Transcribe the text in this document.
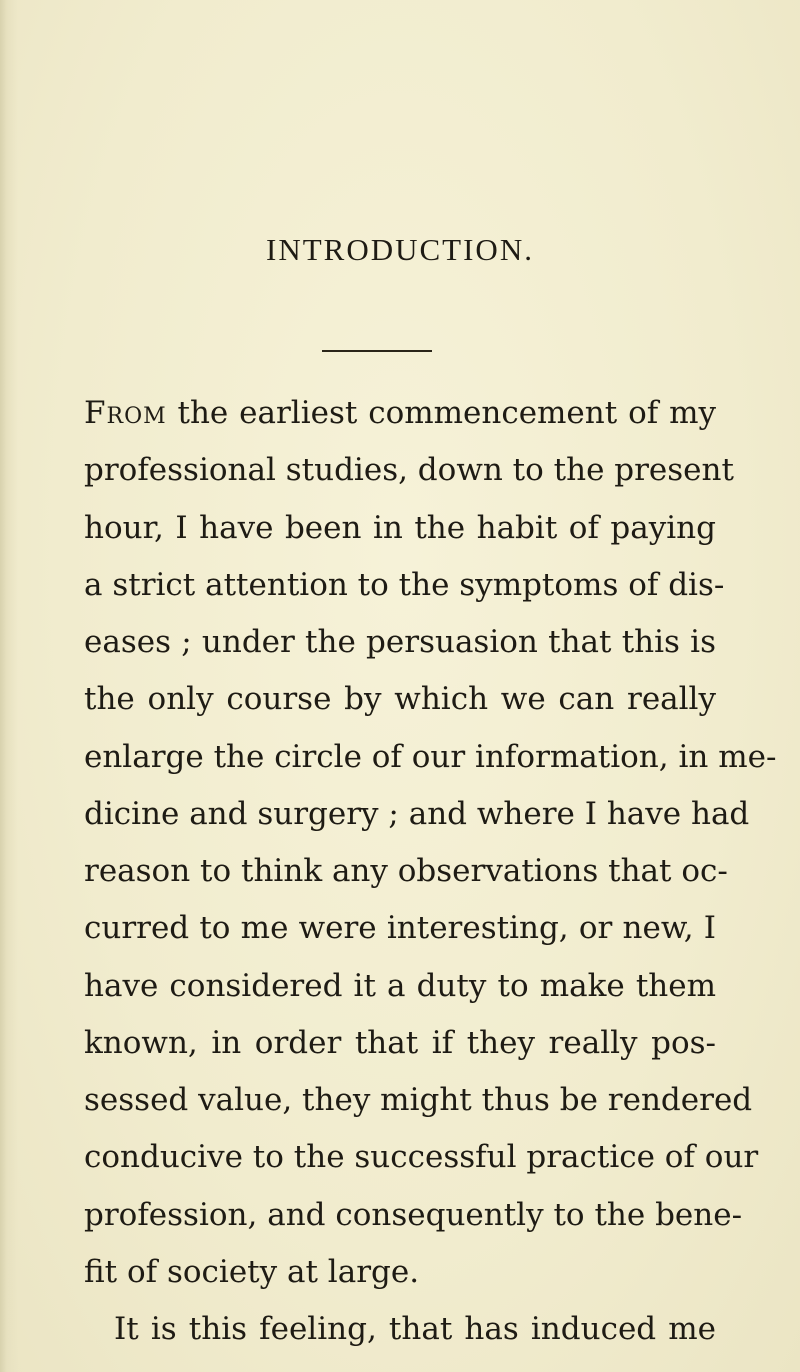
INTRODUCTION.
From the earliest commencement of my
professional studies, down to the present
hour, I have been in the habit of paying
a strict attention to the symptoms of dis-
eases ; under the persuasion that this is
the only course by which we can really
enlarge the circle of our information, in me-
dicine and surgery ; and where I have had
reason to think any observations that oc-
curred to me were interesting, or new, I
have considered it a duty to make them
known, in order that if they really pos-
sessed value, they might thus be rendered
conducive to the successful practice of our
profession, and consequently to the bene-
fit of society at large.
It is this feeling, that has induced me
